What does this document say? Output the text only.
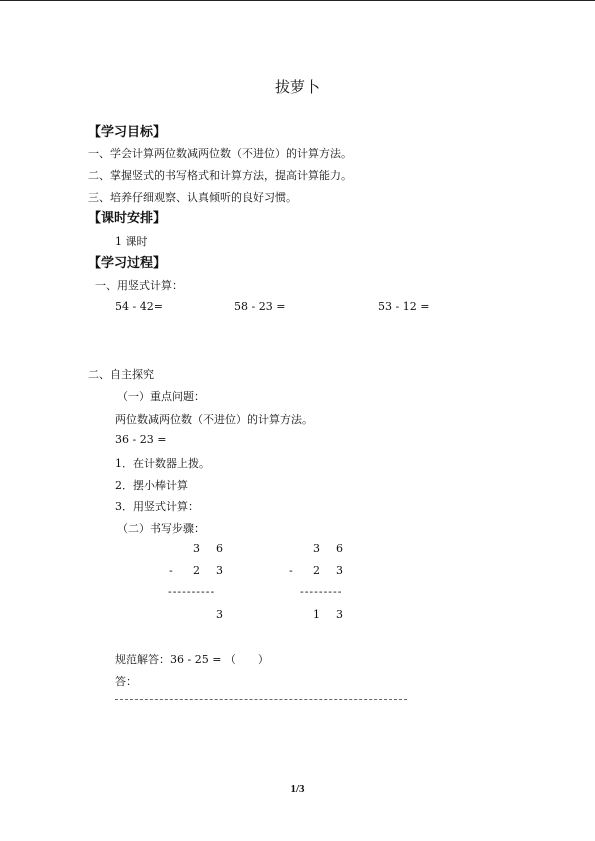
拔萝卜
【学习目标】
一、学会计算两位数减两位数（不进位）的计算方法。
二、掌握竖式的书写格式和计算方法，提高计算能力。
三、培养仔细观察、认真倾听的良好习惯。
【课时安排】
1 课时
【学习过程】
一、用竖式计算：
54 - 42=	58 - 23 =	53 - 12 =
二、自主探究
（一）重点问题：
两位数减两位数（不进位）的计算方法。
36 - 23 =
1．在计数器上拨。
2．摆小棒计算
3．用竖式计算：
（二）书写步骤：
3 6
- 2 3
----------
3
3 6
- 2 3
---------
1 3
规范解答：36 - 25 = （　　）
答：
1/3
